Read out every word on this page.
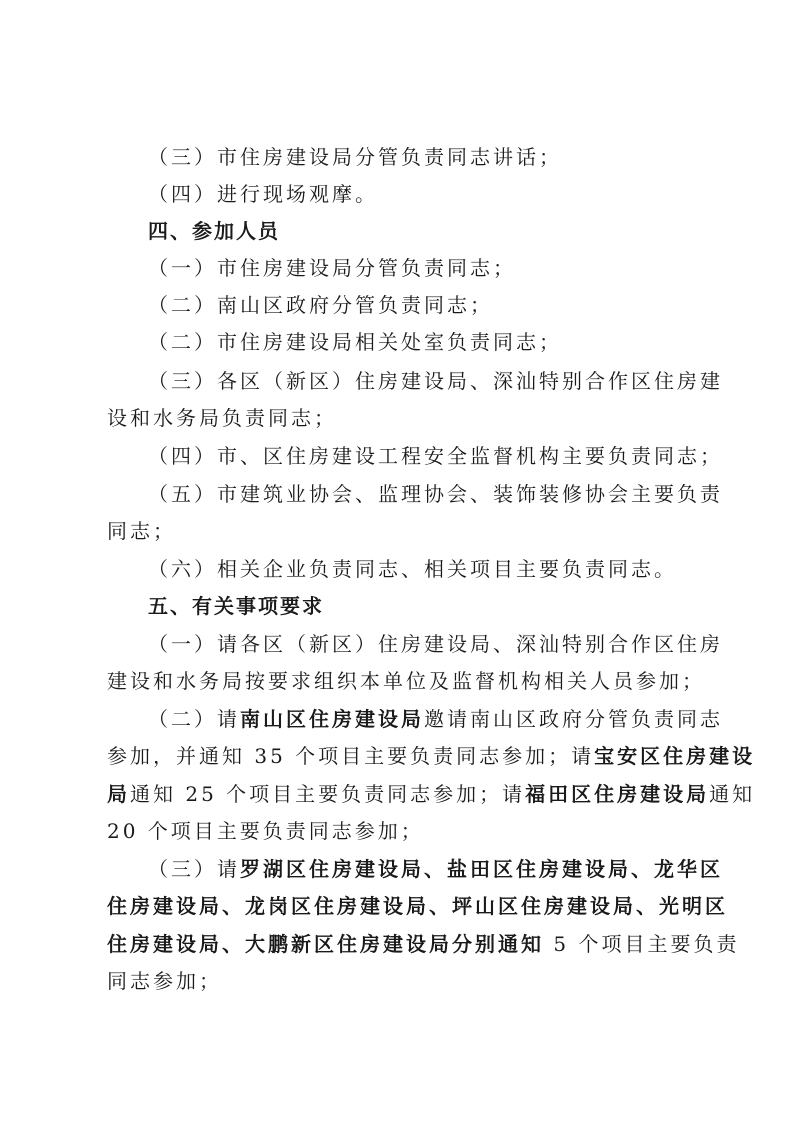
（三）市住房建设局分管负责同志讲话；
（四）进行现场观摩。
四、参加人员
（一）市住房建设局分管负责同志；
（二）南山区政府分管负责同志；
（二）市住房建设局相关处室负责同志；
（三）各区（新区）住房建设局、深汕特别合作区住房建
设和水务局负责同志；
（四）市、区住房建设工程安全监督机构主要负责同志；
（五）市建筑业协会、监理协会、装饰装修协会主要负责
同志；
（六）相关企业负责同志、相关项目主要负责同志。
五、有关事项要求
（一）请各区（新区）住房建设局、深汕特别合作区住房
建设和水务局按要求组织本单位及监督机构相关人员参加；
（二）请南山区住房建设局邀请南山区政府分管负责同志
参加，并通知 35 个项目主要负责同志参加；请宝安区住房建设
局通知 25 个项目主要负责同志参加；请福田区住房建设局通知
20 个项目主要负责同志参加；
（三）请罗湖区住房建设局、盐田区住房建设局、龙华区
住房建设局、龙岗区住房建设局、坪山区住房建设局、光明区
住房建设局、大鹏新区住房建设局分别通知 5 个项目主要负责
同志参加；
